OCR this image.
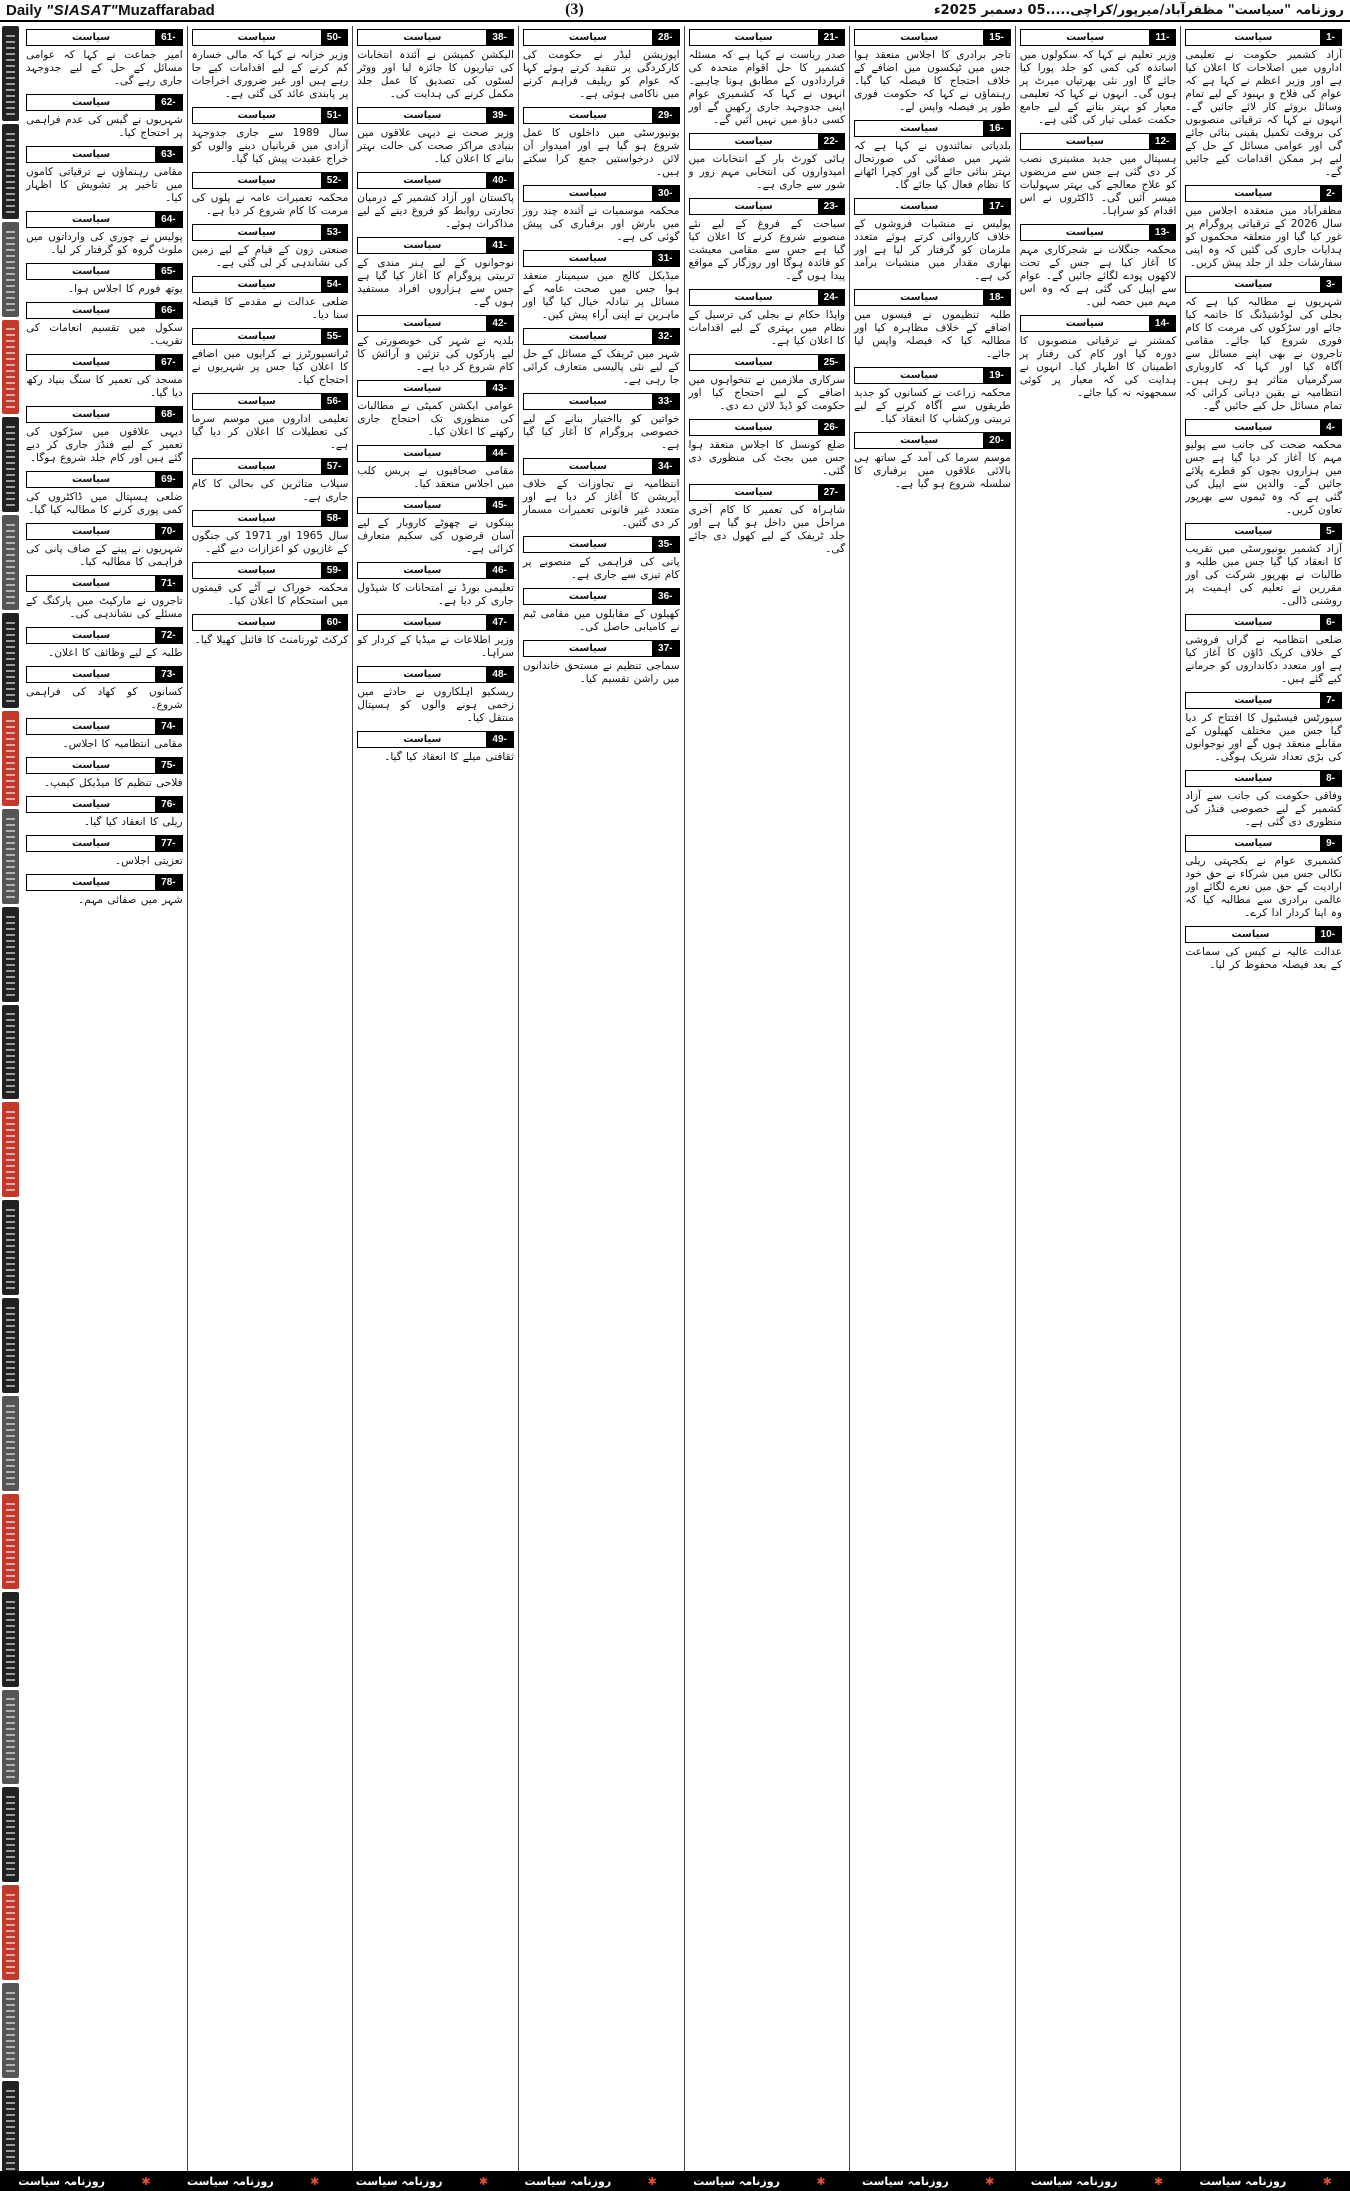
Daily "SIASAT"Muzaffarabad	(3)	روزنامہ "سیاست" مظفرآباد/میرپور/کراچی.....05 دسمبر 2025ء
سیاست	1-
آزاد کشمیر حکومت نے تعلیمی اداروں میں اصلاحات کا اعلان کیا ہے اور وزیر اعظم نے کہا ہے کہ عوام کی فلاح و بہبود کے لیے تمام وسائل بروئے کار لائے جائیں گے۔ انہوں نے کہا کہ ترقیاتی منصوبوں کی بروقت تکمیل یقینی بنائی جائے گی اور عوامی مسائل کے حل کے لیے ہر ممکن اقدامات کیے جائیں گے۔
سیاست	2-
مظفرآباد میں منعقدہ اجلاس میں سال 2026 کے ترقیاتی پروگرام پر غور کیا گیا اور متعلقہ محکموں کو ہدایات جاری کی گئیں کہ وہ اپنی سفارشات جلد از جلد پیش کریں۔
سیاست	3-
شہریوں نے مطالبہ کیا ہے کہ بجلی کی لوڈشیڈنگ کا خاتمہ کیا جائے اور سڑکوں کی مرمت کا کام فوری شروع کیا جائے۔ مقامی تاجروں نے بھی اپنے مسائل سے آگاہ کیا اور کہا کہ کاروباری سرگرمیاں متاثر ہو رہی ہیں۔ انتظامیہ نے یقین دہانی کرائی کہ تمام مسائل حل کیے جائیں گے۔
سیاست	4-
محکمہ صحت کی جانب سے پولیو مہم کا آغاز کر دیا گیا ہے جس میں ہزاروں بچوں کو قطرے پلائے جائیں گے۔ والدین سے اپیل کی گئی ہے کہ وہ ٹیموں سے بھرپور تعاون کریں۔
سیاست	5-
آزاد کشمیر یونیورسٹی میں تقریب کا انعقاد کیا گیا جس میں طلبہ و طالبات نے بھرپور شرکت کی اور مقررین نے تعلیم کی اہمیت پر روشنی ڈالی۔
سیاست	6-
ضلعی انتظامیہ نے گراں فروشی کے خلاف کریک ڈاؤن کا آغاز کیا ہے اور متعدد دکانداروں کو جرمانے کیے گئے ہیں۔
سیاست	7-
سپورٹس فیسٹیول کا افتتاح کر دیا گیا جس میں مختلف کھیلوں کے مقابلے منعقد ہوں گے اور نوجوانوں کی بڑی تعداد شریک ہوگی۔
سیاست	8-
وفاقی حکومت کی جانب سے آزاد کشمیر کے لیے خصوصی فنڈز کی منظوری دی گئی ہے۔
سیاست	9-
کشمیری عوام نے یکجہتی ریلی نکالی جس میں شرکاء نے حق خود ارادیت کے حق میں نعرے لگائے اور عالمی برادری سے مطالبہ کیا کہ وہ اپنا کردار ادا کرے۔
سیاست	10-
عدالت عالیہ نے کیس کی سماعت کے بعد فیصلہ محفوظ کر لیا۔
سیاست	11-
وزیر تعلیم نے کہا کہ سکولوں میں اساتذہ کی کمی کو جلد پورا کیا جائے گا اور نئی بھرتیاں میرٹ پر ہوں گی۔ انہوں نے کہا کہ تعلیمی معیار کو بہتر بنانے کے لیے جامع حکمت عملی تیار کی گئی ہے۔
سیاست	12-
ہسپتال میں جدید مشینری نصب کر دی گئی ہے جس سے مریضوں کو علاج معالجے کی بہتر سہولیات میسر آئیں گی۔ ڈاکٹروں نے اس اقدام کو سراہا۔
سیاست	13-
محکمہ جنگلات نے شجرکاری مہم کا آغاز کیا ہے جس کے تحت لاکھوں پودے لگائے جائیں گے۔ عوام سے اپیل کی گئی ہے کہ وہ اس مہم میں حصہ لیں۔
سیاست	14-
کمشنر نے ترقیاتی منصوبوں کا دورہ کیا اور کام کی رفتار پر اطمینان کا اظہار کیا۔ انہوں نے ہدایت کی کہ معیار پر کوئی سمجھوتہ نہ کیا جائے۔
سیاست	15-
تاجر برادری کا اجلاس منعقد ہوا جس میں ٹیکسوں میں اضافے کے خلاف احتجاج کا فیصلہ کیا گیا۔ رہنماؤں نے کہا کہ حکومت فوری طور پر فیصلہ واپس لے۔
سیاست	16-
بلدیاتی نمائندوں نے کہا ہے کہ شہر میں صفائی کی صورتحال بہتر بنائی جائے گی اور کچرا اٹھانے کا نظام فعال کیا جائے گا۔
سیاست	17-
پولیس نے منشیات فروشوں کے خلاف کارروائی کرتے ہوئے متعدد ملزمان کو گرفتار کر لیا ہے اور بھاری مقدار میں منشیات برآمد کی ہے۔
سیاست	18-
طلبہ تنظیموں نے فیسوں میں اضافے کے خلاف مظاہرہ کیا اور مطالبہ کیا کہ فیصلہ واپس لیا جائے۔
سیاست	19-
محکمہ زراعت نے کسانوں کو جدید طریقوں سے آگاہ کرنے کے لیے تربیتی ورکشاپ کا انعقاد کیا۔
سیاست	20-
موسم سرما کی آمد کے ساتھ ہی بالائی علاقوں میں برفباری کا سلسلہ شروع ہو گیا ہے۔
سیاست	21-
صدر ریاست نے کہا ہے کہ مسئلہ کشمیر کا حل اقوام متحدہ کی قراردادوں کے مطابق ہونا چاہیے۔ انہوں نے کہا کہ کشمیری عوام اپنی جدوجہد جاری رکھیں گے اور کسی دباؤ میں نہیں آئیں گے۔
سیاست	22-
ہائی کورٹ بار کے انتخابات میں امیدواروں کی انتخابی مہم زور و شور سے جاری ہے۔
سیاست	23-
سیاحت کے فروغ کے لیے نئے منصوبے شروع کرنے کا اعلان کیا گیا ہے جس سے مقامی معیشت کو فائدہ ہوگا اور روزگار کے مواقع پیدا ہوں گے۔
سیاست	24-
واپڈا حکام نے بجلی کی ترسیل کے نظام میں بہتری کے لیے اقدامات کا اعلان کیا ہے۔
سیاست	25-
سرکاری ملازمین نے تنخواہوں میں اضافے کے لیے احتجاج کیا اور حکومت کو ڈیڈ لائن دے دی۔
سیاست	26-
ضلع کونسل کا اجلاس منعقد ہوا جس میں بجٹ کی منظوری دی گئی۔
سیاست	27-
شاہراہ کی تعمیر کا کام آخری مراحل میں داخل ہو گیا ہے اور جلد ٹریفک کے لیے کھول دی جائے گی۔
سیاست	28-
اپوزیشن لیڈر نے حکومت کی کارکردگی پر تنقید کرتے ہوئے کہا کہ عوام کو ریلیف فراہم کرنے میں ناکامی ہوئی ہے۔
سیاست	29-
یونیورسٹی میں داخلوں کا عمل شروع ہو گیا ہے اور امیدوار آن لائن درخواستیں جمع کرا سکتے ہیں۔
سیاست	30-
محکمہ موسمیات نے آئندہ چند روز میں بارش اور برفباری کی پیش گوئی کی ہے۔
سیاست	31-
میڈیکل کالج میں سیمینار منعقد ہوا جس میں صحت عامہ کے مسائل پر تبادلہ خیال کیا گیا اور ماہرین نے اپنی آراء پیش کیں۔
سیاست	32-
شہر میں ٹریفک کے مسائل کے حل کے لیے نئی پالیسی متعارف کرائی جا رہی ہے۔
سیاست	33-
خواتین کو بااختیار بنانے کے لیے خصوصی پروگرام کا آغاز کیا گیا ہے۔
سیاست	34-
انتظامیہ نے تجاوزات کے خلاف آپریشن کا آغاز کر دیا ہے اور متعدد غیر قانونی تعمیرات مسمار کر دی گئیں۔
سیاست	35-
پانی کی فراہمی کے منصوبے پر کام تیزی سے جاری ہے۔
سیاست	36-
کھیلوں کے مقابلوں میں مقامی ٹیم نے کامیابی حاصل کی۔
سیاست	37-
سماجی تنظیم نے مستحق خاندانوں میں راشن تقسیم کیا۔
سیاست	38-
الیکشن کمیشن نے آئندہ انتخابات کی تیاریوں کا جائزہ لیا اور ووٹر لسٹوں کی تصدیق کا عمل جلد مکمل کرنے کی ہدایت کی۔
سیاست	39-
وزیر صحت نے دیہی علاقوں میں بنیادی مراکز صحت کی حالت بہتر بنانے کا اعلان کیا۔
سیاست	40-
پاکستان اور آزاد کشمیر کے درمیان تجارتی روابط کو فروغ دینے کے لیے مذاکرات ہوئے۔
سیاست	41-
نوجوانوں کے لیے ہنر مندی کے تربیتی پروگرام کا آغاز کیا گیا ہے جس سے ہزاروں افراد مستفید ہوں گے۔
سیاست	42-
بلدیہ نے شہر کی خوبصورتی کے لیے پارکوں کی تزئین و آرائش کا کام شروع کر دیا ہے۔
سیاست	43-
عوامی ایکشن کمیٹی نے مطالبات کی منظوری تک احتجاج جاری رکھنے کا اعلان کیا۔
سیاست	44-
مقامی صحافیوں نے پریس کلب میں اجلاس منعقد کیا۔
سیاست	45-
بینکوں نے چھوٹے کاروبار کے لیے آسان قرضوں کی سکیم متعارف کرائی ہے۔
سیاست	46-
تعلیمی بورڈ نے امتحانات کا شیڈول جاری کر دیا ہے۔
سیاست	47-
وزیر اطلاعات نے میڈیا کے کردار کو سراہا۔
سیاست	48-
ریسکیو اہلکاروں نے حادثے میں زخمی ہونے والوں کو ہسپتال منتقل کیا۔
سیاست	49-
ثقافتی میلے کا انعقاد کیا گیا۔
سیاست	50-
وزیر خزانہ نے کہا کہ مالی خسارہ کم کرنے کے لیے اقدامات کیے جا رہے ہیں اور غیر ضروری اخراجات پر پابندی عائد کی گئی ہے۔
سیاست	51-
سال 1989 سے جاری جدوجہد آزادی میں قربانیاں دینے والوں کو خراج عقیدت پیش کیا گیا۔
سیاست	52-
محکمہ تعمیرات عامہ نے پلوں کی مرمت کا کام شروع کر دیا ہے۔
سیاست	53-
صنعتی زون کے قیام کے لیے زمین کی نشاندہی کر لی گئی ہے۔
سیاست	54-
ضلعی عدالت نے مقدمے کا فیصلہ سنا دیا۔
سیاست	55-
ٹرانسپورٹرز نے کرایوں میں اضافے کا اعلان کیا جس پر شہریوں نے احتجاج کیا۔
سیاست	56-
تعلیمی اداروں میں موسم سرما کی تعطیلات کا اعلان کر دیا گیا ہے۔
سیاست	57-
سیلاب متاثرین کی بحالی کا کام جاری ہے۔
سیاست	58-
سال 1965 اور 1971 کی جنگوں کے غازیوں کو اعزازات دیے گئے۔
سیاست	59-
محکمہ خوراک نے آٹے کی قیمتوں میں استحکام کا اعلان کیا۔
سیاست	60-
کرکٹ ٹورنامنٹ کا فائنل کھیلا گیا۔
سیاست	61-
امیر جماعت نے کہا کہ عوامی مسائل کے حل کے لیے جدوجہد جاری رہے گی۔
سیاست	62-
شہریوں نے گیس کی عدم فراہمی پر احتجاج کیا۔
سیاست	63-
مقامی رہنماؤں نے ترقیاتی کاموں میں تاخیر پر تشویش کا اظہار کیا۔
سیاست	64-
پولیس نے چوری کی وارداتوں میں ملوث گروہ کو گرفتار کر لیا۔
سیاست	65-
یوتھ فورم کا اجلاس ہوا۔
سیاست	66-
سکول میں تقسیم انعامات کی تقریب۔
سیاست	67-
مسجد کی تعمیر کا سنگ بنیاد رکھ دیا گیا۔
سیاست	68-
دیہی علاقوں میں سڑکوں کی تعمیر کے لیے فنڈز جاری کر دیے گئے ہیں اور کام جلد شروع ہوگا۔
سیاست	69-
ضلعی ہسپتال میں ڈاکٹروں کی کمی پوری کرنے کا مطالبہ کیا گیا۔
سیاست	70-
شہریوں نے پینے کے صاف پانی کی فراہمی کا مطالبہ کیا۔
سیاست	71-
تاجروں نے مارکیٹ میں پارکنگ کے مسئلے کی نشاندہی کی۔
سیاست	72-
طلبہ کے لیے وظائف کا اعلان۔
سیاست	73-
کسانوں کو کھاد کی فراہمی شروع۔
سیاست	74-
مقامی انتظامیہ کا اجلاس۔
سیاست	75-
فلاحی تنظیم کا میڈیکل کیمپ۔
سیاست	76-
ریلی کا انعقاد کیا گیا۔
سیاست	77-
تعزیتی اجلاس۔
سیاست	78-
شہر میں صفائی مہم۔
روزنامہ سیاست	✱	روزنامہ سیاست	✱	روزنامہ سیاست	✱	روزنامہ سیاست	✱	روزنامہ سیاست	✱	روزنامہ سیاست	✱	روزنامہ سیاست	✱	روزنامہ سیاست	✱
